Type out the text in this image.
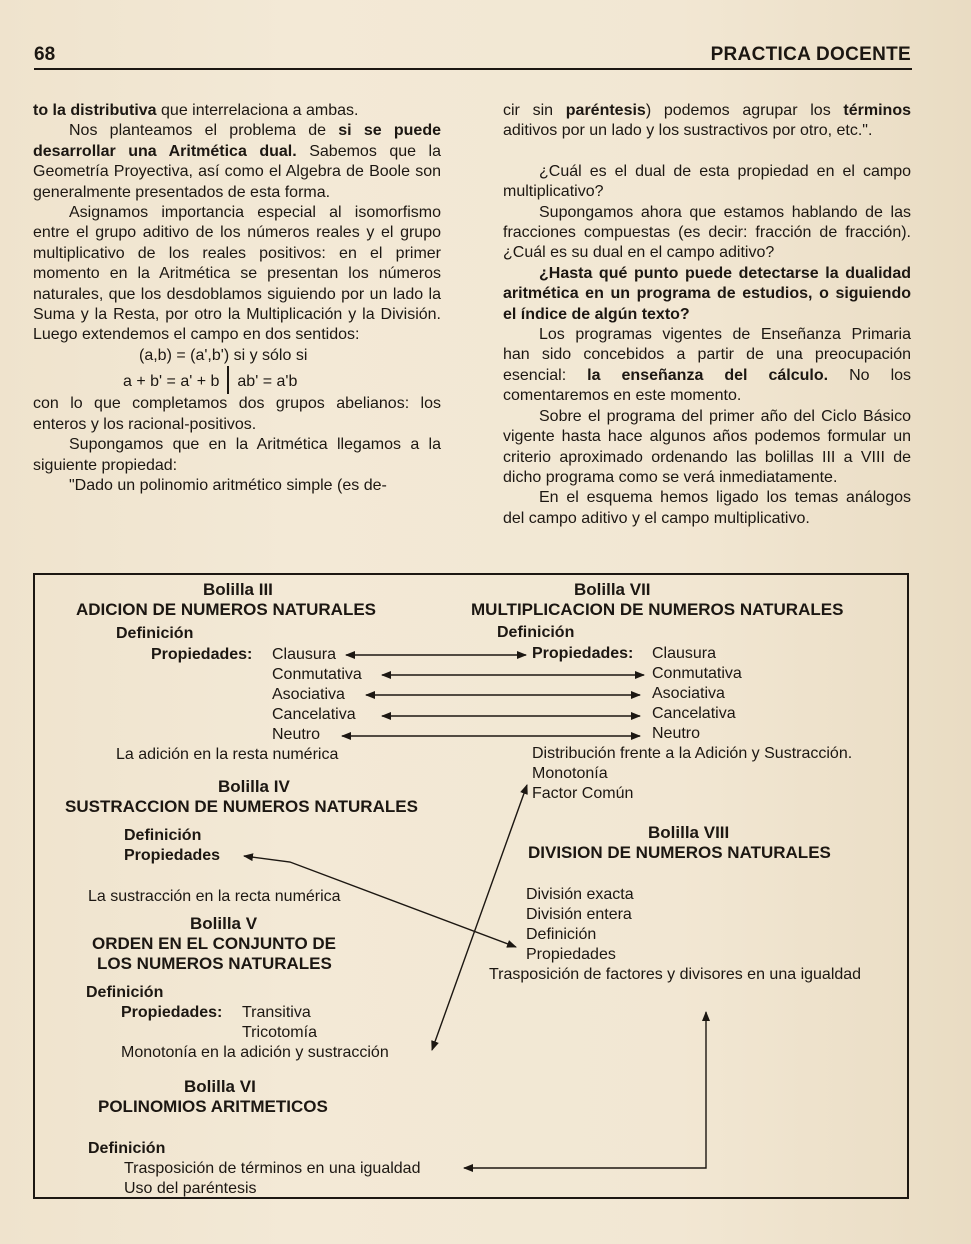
68	PRACTICA DOCENTE

to la distributiva que interrelaciona a ambas.

Nos planteamos el problema de si se puede desarrollar una Aritmética dual. Sabemos que la Geometría Proyectiva, así como el Algebra de Boole son generalmente presentados de esta forma.

Asignamos importancia especial al isomorfismo entre el grupo aditivo de los números reales y el grupo multiplicativo de los reales positivos: en el primer momento en la Aritmética se presentan los números naturales, que los desdoblamos siguiendo por un lado la Suma y la Resta, por otro la Multiplicación y la División. Luego extendemos el campo en dos sentidos:

(a,b) = (a',b') si y sólo si

a + b' = a' + b ab' = a'b

con lo que completamos dos grupos abelianos: los enteros y los racional-positivos.

Supongamos que en la Aritmética llegamos a la siguiente propiedad:

"Dado un polinomio aritmético simple (es de-

cir sin paréntesis) podemos agrupar los términos aditivos por un lado y los sustractivos por otro, etc.".

¿Cuál es el dual de esta propiedad en el campo multiplicativo?

Supongamos ahora que estamos hablando de las fracciones compuestas (es decir: fracción de fracción). ¿Cuál es su dual en el campo aditivo?

¿Hasta qué punto puede detectarse la dualidad aritmética en un programa de estudios, o siguiendo el índice de algún texto?

Los programas vigentes de Enseñanza Primaria han sido concebidos a partir de una preocupación esencial: la enseñanza del cálculo. No los comentaremos en este momento.

Sobre el programa del primer año del Ciclo Básico vigente hasta hace algunos años podemos formular un criterio aproximado ordenando las bolillas III a VIII de dicho programa como se verá inmediatamente.

En el esquema hemos ligado los temas análogos del campo aditivo y el campo multiplicativo.

Bolilla III
ADICION DE NUMEROS NATURALES
Definición
Propiedades: Clausura
Conmutativa
Asociativa
Cancelativa
Neutro
La adición en la resta numérica
Bolilla IV
SUSTRACCION DE NUMEROS NATURALES
Definición
Propiedades
La sustracción en la recta numérica
Bolilla V
ORDEN EN EL CONJUNTO DE
LOS NUMEROS NATURALES
Definición
Propiedades: Transitiva
Tricotomía
Monotonía en la adición y sustracción
Bolilla VI
POLINOMIOS ARITMETICOS
Definición
Trasposición de términos en una igualdad
Uso del paréntesis
Bolilla VII
MULTIPLICACION DE NUMEROS NATURALES
Definición
Propiedades: Clausura
Conmutativa
Asociativa
Cancelativa
Neutro
Distribución frente a la Adición y Sustracción.
Monotonía
Factor Común
Bolilla VIII
DIVISION DE NUMEROS NATURALES
División exacta
División entera
Definición
Propiedades
Trasposición de factores y divisores en una igualdad
